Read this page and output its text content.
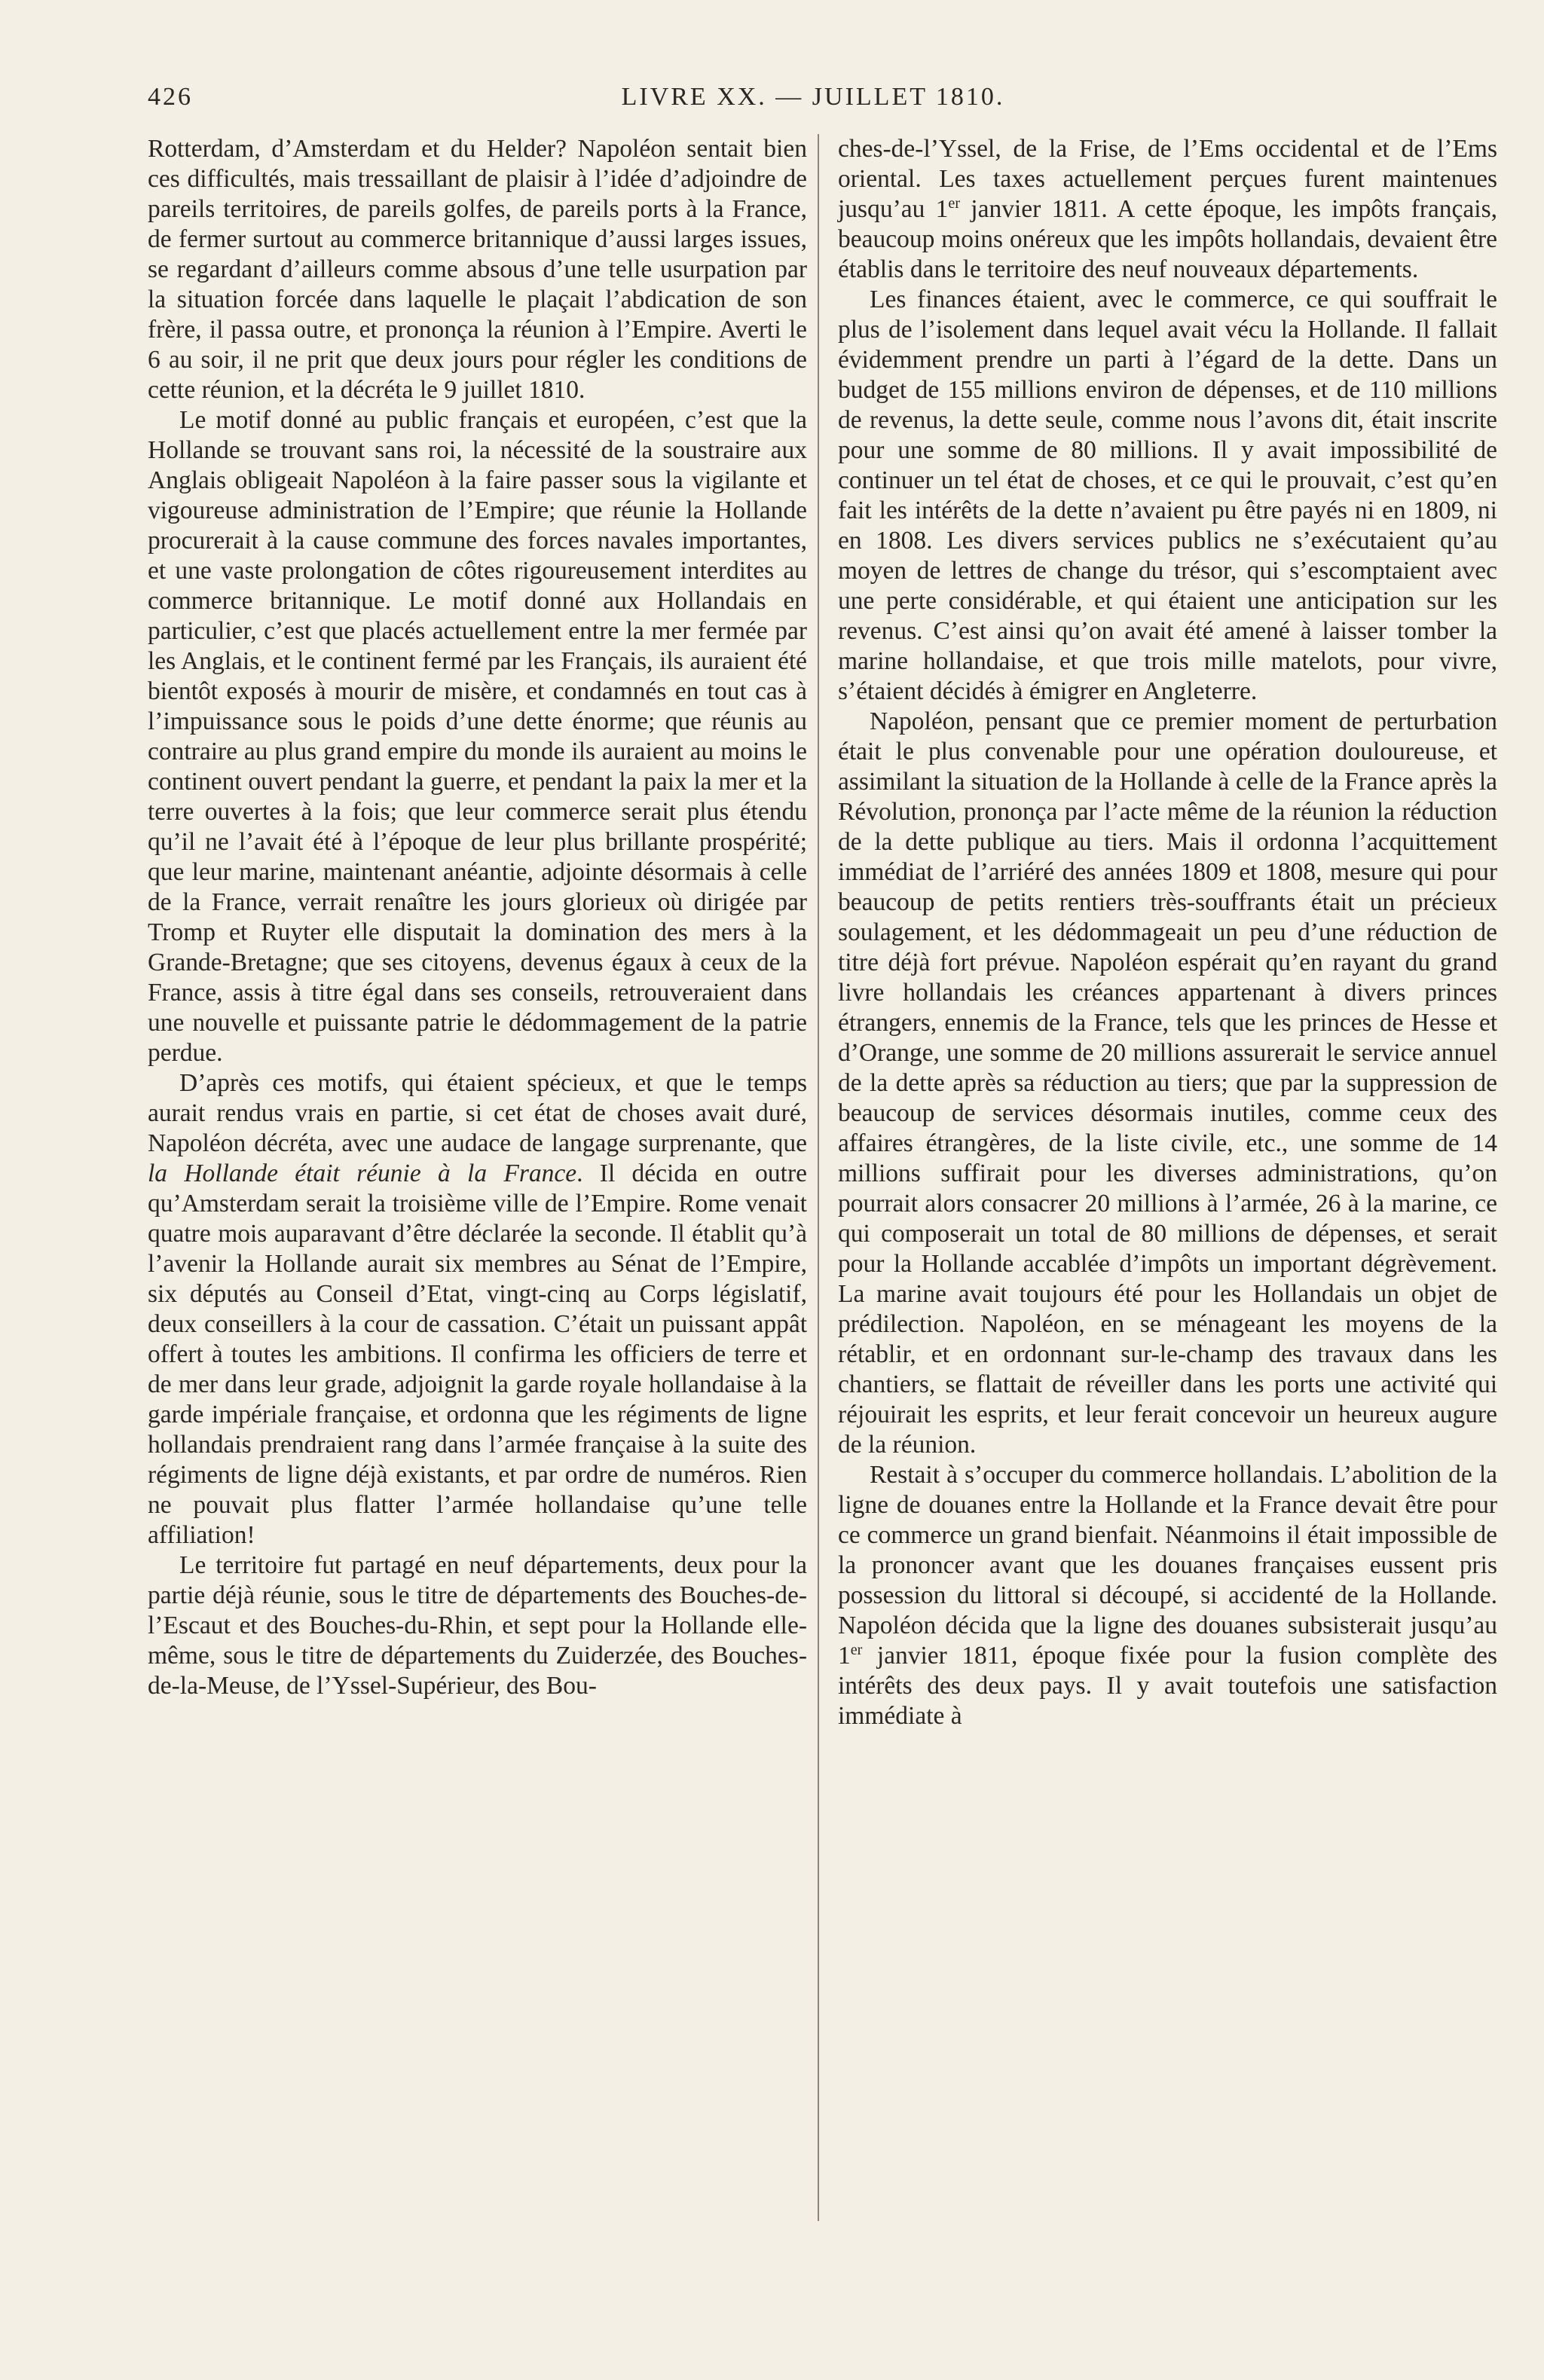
426	LIVRE XX. — JUILLET 1810.

Rotterdam, d’Amsterdam et du Helder? Napoléon sentait bien ces difficultés, mais tressaillant de plaisir à l’idée d’adjoindre de pareils territoires, de pareils golfes, de pareils ports à la France, de fermer surtout au commerce britannique d’aussi larges issues, se regardant d’ailleurs comme absous d’une telle usurpation par la situation forcée dans laquelle le plaçait l’abdication de son frère, il passa outre, et prononça la réunion à l’Empire. Averti le 6 au soir, il ne prit que deux jours pour régler les conditions de cette réunion, et la décréta le 9 juillet 1810.

Le motif donné au public français et européen, c’est que la Hollande se trouvant sans roi, la nécessité de la soustraire aux Anglais obligeait Napoléon à la faire passer sous la vigilante et vigoureuse administration de l’Empire; que réunie la Hollande procurerait à la cause commune des forces navales importantes, et une vaste prolongation de côtes rigoureusement interdites au commerce britannique. Le motif donné aux Hollandais en particulier, c’est que placés actuellement entre la mer fermée par les Anglais, et le continent fermé par les Français, ils auraient été bientôt exposés à mourir de misère, et condamnés en tout cas à l’impuissance sous le poids d’une dette énorme; que réunis au contraire au plus grand empire du monde ils auraient au moins le continent ouvert pendant la guerre, et pendant la paix la mer et la terre ouvertes à la fois; que leur commerce serait plus étendu qu’il ne l’avait été à l’époque de leur plus brillante prospérité; que leur marine, maintenant anéantie, adjointe désormais à celle de la France, verrait renaître les jours glorieux où dirigée par Tromp et Ruyter elle disputait la domination des mers à la Grande-Bretagne; que ses citoyens, devenus égaux à ceux de la France, assis à titre égal dans ses conseils, retrouveraient dans une nouvelle et puissante patrie le dédommagement de la patrie perdue.

D’après ces motifs, qui étaient spécieux, et que le temps aurait rendus vrais en partie, si cet état de choses avait duré, Napoléon décréta, avec une audace de langage surprenante, que la Hollande était réunie à la France. Il décida en outre qu’Amsterdam serait la troisième ville de l’Empire. Rome venait quatre mois auparavant d’être déclarée la seconde. Il établit qu’à l’avenir la Hollande aurait six membres au Sénat de l’Empire, six députés au Conseil d’Etat, vingt-cinq au Corps législatif, deux conseillers à la cour de cassation. C’était un puissant appât offert à toutes les ambitions. Il confirma les officiers de terre et de mer dans leur grade, adjoignit la garde royale hollandaise à la garde impériale française, et ordonna que les régiments de ligne hollandais prendraient rang dans l’armée française à la suite des régiments de ligne déjà existants, et par ordre de numéros. Rien ne pouvait plus flatter l’armée hollandaise qu’une telle affiliation!

Le territoire fut partagé en neuf départements, deux pour la partie déjà réunie, sous le titre de départements des Bouches-de-l’Escaut et des Bouches-du-Rhin, et sept pour la Hollande elle-même, sous le titre de départements du Zuiderzée, des Bouches-de-la-Meuse, de l’Yssel-Supérieur, des Bou-

ches-de-l’Yssel, de la Frise, de l’Ems occidental et de l’Ems oriental. Les taxes actuellement perçues furent maintenues jusqu’au 1er janvier 1811. A cette époque, les impôts français, beaucoup moins onéreux que les impôts hollandais, devaient être établis dans le territoire des neuf nouveaux départements.

Les finances étaient, avec le commerce, ce qui souffrait le plus de l’isolement dans lequel avait vécu la Hollande. Il fallait évidemment prendre un parti à l’égard de la dette. Dans un budget de 155 millions environ de dépenses, et de 110 millions de revenus, la dette seule, comme nous l’avons dit, était inscrite pour une somme de 80 millions. Il y avait impossibilité de continuer un tel état de choses, et ce qui le prouvait, c’est qu’en fait les intérêts de la dette n’avaient pu être payés ni en 1809, ni en 1808. Les divers services publics ne s’exécutaient qu’au moyen de lettres de change du trésor, qui s’escomptaient avec une perte considérable, et qui étaient une anticipation sur les revenus. C’est ainsi qu’on avait été amené à laisser tomber la marine hollandaise, et que trois mille matelots, pour vivre, s’étaient décidés à émigrer en Angleterre.

Napoléon, pensant que ce premier moment de perturbation était le plus convenable pour une opération douloureuse, et assimilant la situation de la Hollande à celle de la France après la Révolution, prononça par l’acte même de la réunion la réduction de la dette publique au tiers. Mais il ordonna l’acquittement immédiat de l’arriéré des années 1809 et 1808, mesure qui pour beaucoup de petits rentiers très-souffrants était un précieux soulagement, et les dédommageait un peu d’une réduction de titre déjà fort prévue. Napoléon espérait qu’en rayant du grand livre hollandais les créances appartenant à divers princes étrangers, ennemis de la France, tels que les princes de Hesse et d’Orange, une somme de 20 millions assurerait le service annuel de la dette après sa réduction au tiers; que par la suppression de beaucoup de services désormais inutiles, comme ceux des affaires étrangères, de la liste civile, etc., une somme de 14 millions suffirait pour les diverses administrations, qu’on pourrait alors consacrer 20 millions à l’armée, 26 à la marine, ce qui composerait un total de 80 millions de dépenses, et serait pour la Hollande accablée d’impôts un important dégrèvement. La marine avait toujours été pour les Hollandais un objet de prédilection. Napoléon, en se ménageant les moyens de la rétablir, et en ordonnant sur-le-champ des travaux dans les chantiers, se flattait de réveiller dans les ports une activité qui réjouirait les esprits, et leur ferait concevoir un heureux augure de la réunion.

Restait à s’occuper du commerce hollandais. L’abolition de la ligne de douanes entre la Hollande et la France devait être pour ce commerce un grand bienfait. Néanmoins il était impossible de la prononcer avant que les douanes françaises eussent pris possession du littoral si découpé, si accidenté de la Hollande. Napoléon décida que la ligne des douanes subsisterait jusqu’au 1er janvier 1811, époque fixée pour la fusion complète des intérêts des deux pays. Il y avait toutefois une satisfaction immédiate à
